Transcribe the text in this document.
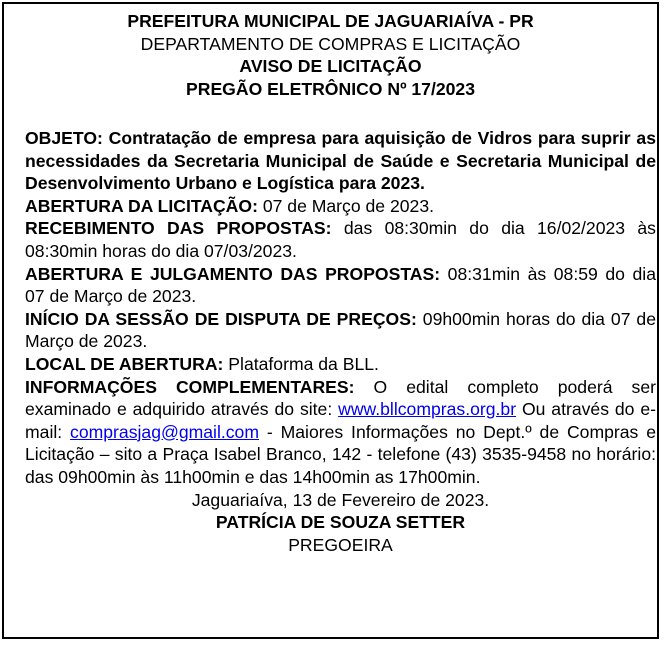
PREFEITURA MUNICIPAL DE JAGUARIAÍVA - PR
DEPARTAMENTO DE COMPRAS E LICITAÇÃO
AVISO DE LICITAÇÃO
PREGÃO ELETRÔNICO Nº 17/2023

OBJETO: Contratação de empresa para aquisição de Vidros para suprir as necessidades da Secretaria Municipal de Saúde e Secretaria Municipal de Desenvolvimento Urbano e Logística para 2023.

ABERTURA DA LICITAÇÃO: 07 de Março de 2023.

RECEBIMENTO DAS PROPOSTAS: das 08:30min do dia 16/02/2023 às 08:30min horas do dia 07/03/2023.

ABERTURA E JULGAMENTO DAS PROPOSTAS: 08:31min às 08:59 do dia 07 de Março de 2023.

INÍCIO DA SESSÃO DE DISPUTA DE PREÇOS: 09h00min horas do dia 07 de Março de 2023.

LOCAL DE ABERTURA: Plataforma da BLL.

INFORMAÇÕES COMPLEMENTARES: O edital completo poderá ser examinado e adquirido através do site: www.bllcompras.org.br Ou através do e-mail: comprasjag@gmail.com - Maiores Informações no Dept.º de Compras e Licitação – sito a Praça Isabel Branco, 142 - telefone (43) 3535-9458 no horário: das 09h00min às 11h00min e das 14h00min as 17h00min.

Jaguariaíva, 13 de Fevereiro de 2023.
PATRÍCIA DE SOUZA SETTER
PREGOEIRA
